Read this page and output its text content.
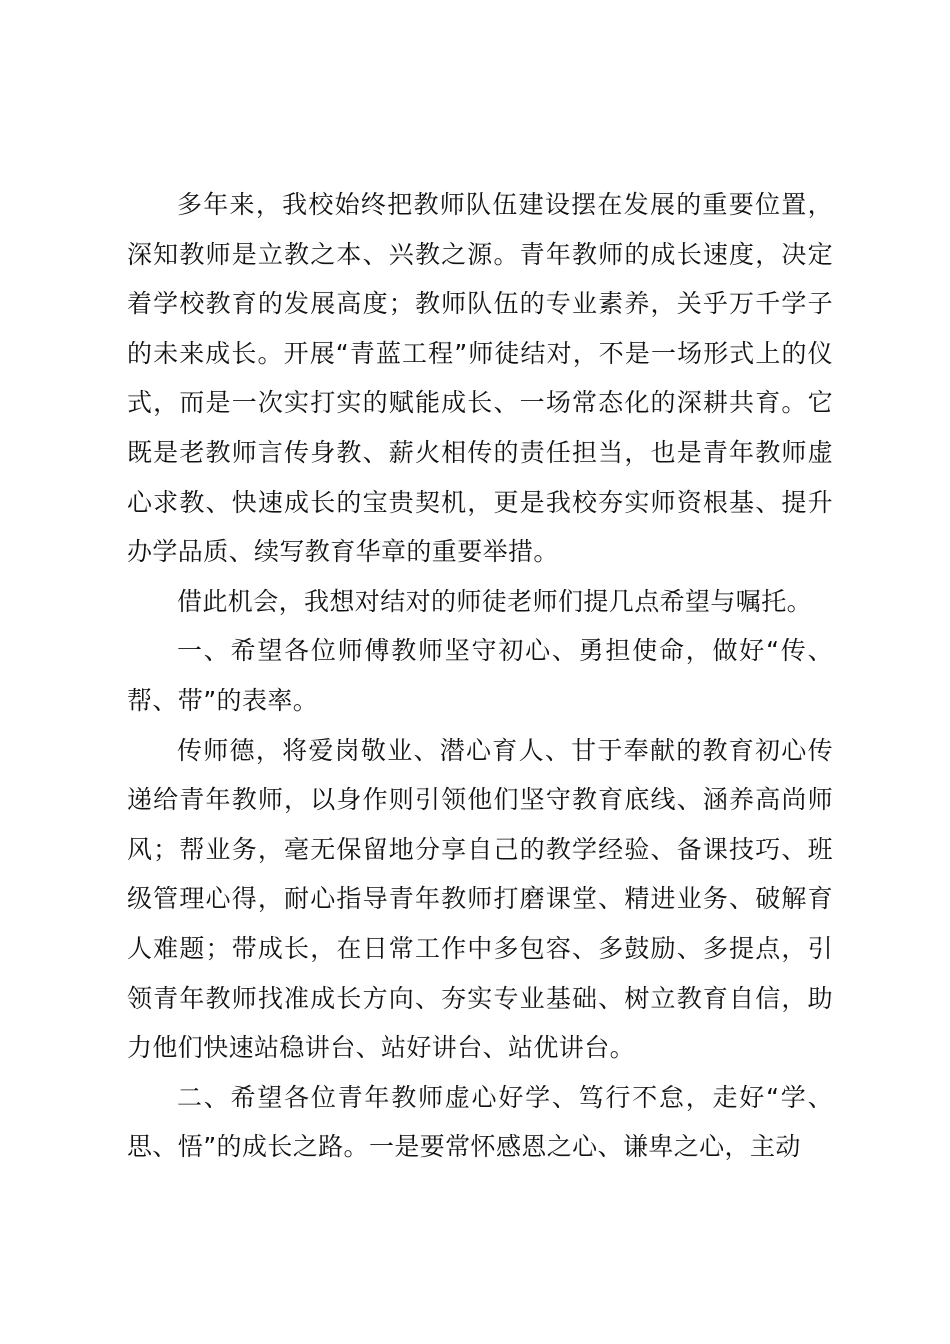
多年来，我校始终把教师队伍建设摆在发展的重要位置，深知教师是立教之本、兴教之源。青年教师的成长速度，决定着学校教育的发展高度；教师队伍的专业素养，关乎万千学子的未来成长。开展“青蓝工程”师徒结对，不是一场形式上的仪式，而是一次实打实的赋能成长、一场常态化的深耕共育。它既是老教师言传身教、薪火相传的责任担当，也是青年教师虚心求教、快速成长的宝贵契机，更是我校夯实师资根基、提升办学品质、续写教育华章的重要举措。

借此机会，我想对结对的师徒老师们提几点希望与嘱托。

一、希望各位师傅教师坚守初心、勇担使命，做好“传、帮、带”的表率。

传师德，将爱岗敬业、潜心育人、甘于奉献的教育初心传递给青年教师，以身作则引领他们坚守教育底线、涵养高尚师风；帮业务，毫无保留地分享自己的教学经验、备课技巧、班级管理心得，耐心指导青年教师打磨课堂、精进业务、破解育人难题；带成长，在日常工作中多包容、多鼓励、多提点，引领青年教师找准成长方向、夯实专业基础、树立教育自信，助力他们快速站稳讲台、站好讲台、站优讲台。

二、希望各位青年教师虚心好学、笃行不怠，走好“学、思、悟”的成长之路。一是要常怀感恩之心、谦卑之心，主动
